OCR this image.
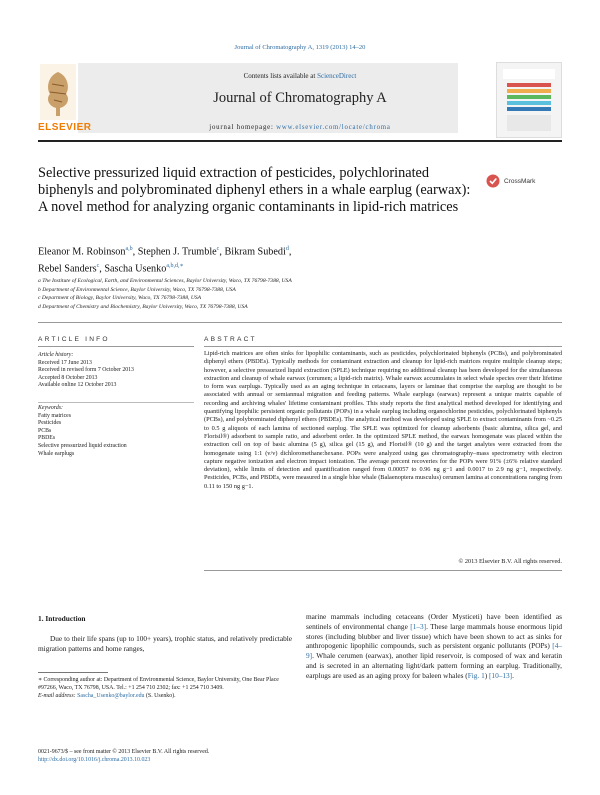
Journal of Chromatography A, 1319 (2013) 14–20
Contents lists available at ScienceDirect
Journal of Chromatography A
journal homepage: www.elsevier.com/locate/chroma
ELSEVIER
Selective pressurized liquid extraction of pesticides, polychlorinated biphenyls and polybrominated diphenyl ethers in a whale earplug (earwax): A novel method for analyzing organic contaminants in lipid-rich matrices
CrossMark
Eleanor M. Robinson$^{a,b}$, Stephen J. Trumble$^c$, Bikram Subedi$^d$,
Rebel Sanders$^c$, Sascha Usenko$^{a,b,d,∗}$
a The Institute of Ecological, Earth, and Environmental Sciences, Baylor University, Waco, TX 76798-7388, USA
b Department of Environmental Science, Baylor University, Waco, TX 76798-7388, USA
c Department of Biology, Baylor University, Waco, TX 76798-7388, USA
d Department of Chemistry and Biochemistry, Baylor University, Waco, TX 76798-7388, USA
ARTICLE INFO
Article history:
Received 17 June 2013
Received in revised form 7 October 2013
Accepted 8 October 2013
Available online 12 October 2013
Keywords:
Fatty matrices
Pesticides
PCBs
PBDEs
Selective pressurized liquid extraction
Whale earplugs
ABSTRACT
Lipid-rich matrices are often sinks for lipophilic contaminants, such as pesticides, polychlorinated biphenyls (PCBs), and polybrominated diphenyl ethers (PBDEs). Typically methods for contaminant extraction and cleanup for lipid-rich matrices require multiple cleanup steps; however, a selective pressurized liquid extraction (SPLE) technique requiring no additional cleanup has been developed for the simultaneous extraction and cleanup of whale earwax (cerumen; a lipid-rich matrix). Whale earwax accumulates in select whale species over their lifetime to form wax earplugs. Typically used as an aging technique in cetaceans, layers or laminae that comprise the earplug are thought to be associated with annual or semiannual migration and feeding patterns. Whale earplugs (earwax) represent a unique matrix capable of recording and archiving whales' lifetime contaminant profiles. This study reports the first analytical method developed for identifying and quantifying lipophilic persistent organic pollutants (POPs) in a whale earplug including organochlorine pesticides, polychlorinated biphenyls (PCBs), and polybrominated diphenyl ethers (PBDEs). The analytical method was developed using SPLE to extract contaminants from ~0.25 to 0.5 g aliquots of each lamina of sectioned earplug. The SPLE was optimized for cleanup adsorbents (basic alumina, silica gel, and Florisil®) adsorbent to sample ratio, and adsorbent order. In the optimized SPLE method, the earwax homogenate was placed within the extraction cell on top of basic alumina (5 g), silica gel (15 g), and Florisil® (10 g) and the target analytes were extracted from the homogenate using 1:1 (v/v) dichloromethane:hexane. POPs were analyzed using gas chromatography–mass spectrometry with electron capture negative ionization and electron impact ionization. The average percent recoveries for the POPs were 91% (±6% relative standard deviation), while limits of detection and quantification ranged from 0.00057 to 0.96 ng g−1 and 0.0017 to 2.9 ng g−1, respectively. Pesticides, PCBs, and PBDEs, were measured in a single blue whale (Balaenoptera musculus) cerumen lamina at concentrations ranging from 0.11 to 150 ng g−1.
© 2013 Elsevier B.V. All rights reserved.
1. Introduction
Due to their life spans (up to 100+ years), trophic status, and relatively predictable migration patterns and home ranges,
marine mammals including cetaceans (Order Mysticeti) have been identified as sentinels of environmental change [1–3]. These large mammals house enormous lipid stores (including blubber and liver tissue) which have been shown to act as sinks for anthropogenic lipophilic compounds, such as persistent organic pollutants (POPs) [4–9]. Whale cerumen (earwax), another lipid reservoir, is composed of wax and keratin and is secreted in an alternating light/dark pattern forming an earplug. Traditionally, earplugs are used as an aging proxy for baleen whales (Fig. 1) [10–13].
∗ Corresponding author at: Department of Environmental Science, Baylor University, One Bear Place #97266, Waco, TX 76798, USA. Tel.: +1 254 710 2302; fax: +1 254 710 3409.
E-mail address: Sascha_Usenko@baylor.edu (S. Usenko).
0021-9673/$ – see front matter © 2013 Elsevier B.V. All rights reserved.
http://dx.doi.org/10.1016/j.chroma.2013.10.023
